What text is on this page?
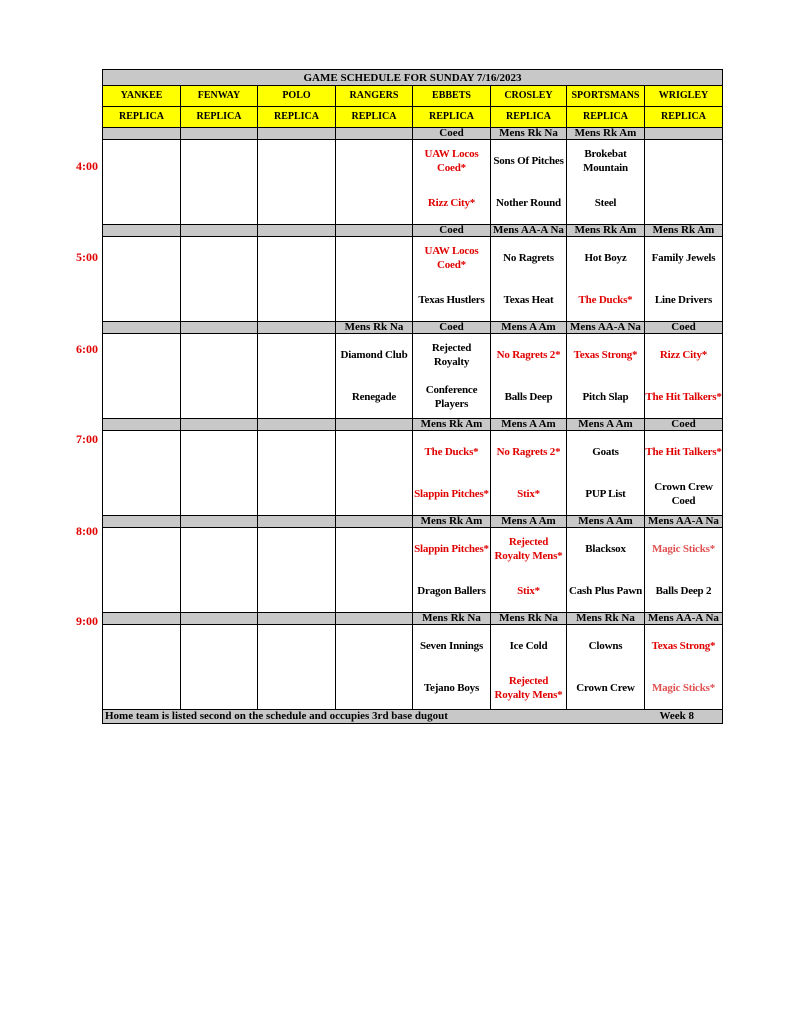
GAME SCHEDULE FOR SUNDAY 7/16/2023							
YANKEE	FENWAY	POLO	RANGERS	EBBETS	CROSLEY	SPORTSMANS	WRIGLEY
REPLICA	REPLICA	REPLICA	REPLICA	REPLICA	REPLICA	REPLICA	REPLICA
				Coed	Mens Rk Na	Mens Rk Am	
				UAW Locos Coed*	Sons Of Pitches	Brokebat Mountain	
				Rizz City*	Nother Round	Steel	
				Coed	Mens AA-A Na	Mens Rk Am	Mens Rk Am
				UAW Locos Coed*	No Ragrets	Hot Boyz	Family Jewels
				Texas Hustlers	Texas Heat	The Ducks*	Line Drivers
			Mens Rk Na	Coed	Mens A Am	Mens AA-A Na	Coed
			Diamond Club	Rejected Royalty	No Ragrets 2*	Texas Strong*	Rizz City*
			Renegade	Conference Players	Balls Deep	Pitch Slap	The Hit Talkers*
				Mens Rk Am	Mens A Am	Mens A Am	Coed
				The Ducks*	No Ragrets 2*	Goats	The Hit Talkers*
				Slappin Pitches*	Stix*	PUP List	Crown Crew Coed
				Mens Rk Am	Mens A Am	Mens A Am	Mens AA-A Na
				Slappin Pitches*	Rejected Royalty Mens*	Blacksox	Magic Sticks*
				Dragon Ballers	Stix*	Cash Plus Pawn	Balls Deep 2
				Mens Rk Na	Mens Rk Na	Mens Rk Na	Mens AA-A Na
				Seven Innings	Ice Cold	Clowns	Texas Strong*
				Tejano Boys	Rejected Royalty Mens*	Crown Crew	Magic Sticks*

Home team is listed second on the schedule and occupies 3rd base dugout Week 8							
4:00
5:00
6:00
7:00
8:00
9:00
